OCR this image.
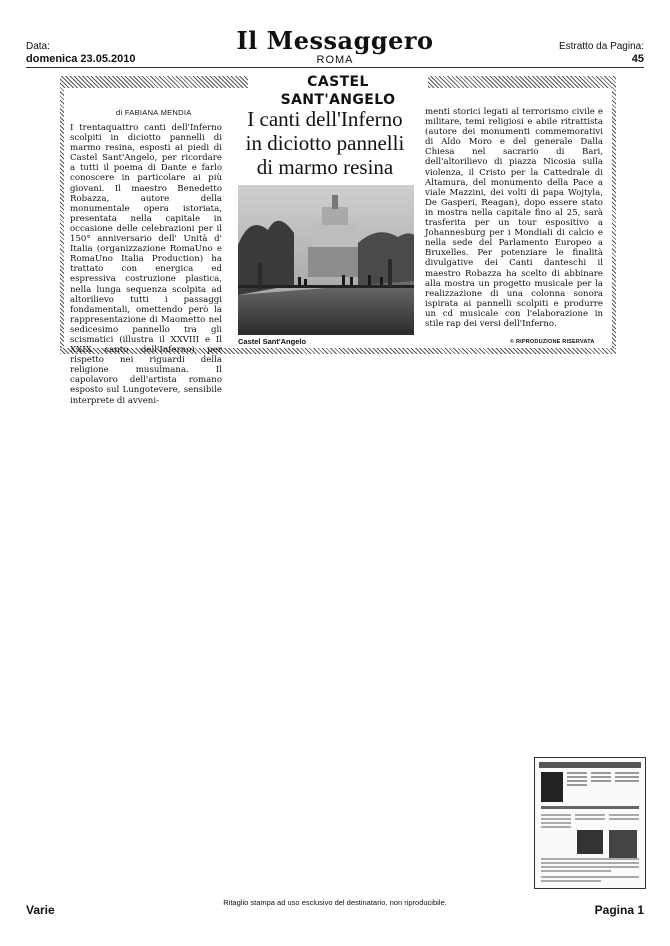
Data:
domenica 23.05.2010
Il Messaggero
ROMA
Estratto da Pagina:
45
CASTEL SANT'ANGELO
di FABIANA MENDIA
I trentaquattro canti dell'Inferno scolpiti in diciotto pannelli di marmo resina, esposti ai piedi di Castel Sant'Angelo, per ricordare a tutti il poema di Dante e farlo conoscere in particolare ai più giovani. Il maestro Benedetto Robazza, autore della monumentale opera istoriata, presentata nella capitale in occasione delle celebrazioni per il 150° anniversario dell' Unità d' Italia (organizzazione RomaUno e RomaUno Italia Production) ha trattato con energica ed espressiva costruzione plastica, nella lunga sequenza scolpita ad altorilievo tutti i passaggi fondamentali, omettendo però la rappresentazione di Maometto nel sedicesimo pannello tra gli scismatici (illustra il XXVIII e Il XXIX canto dell'Inferno) per rispetto nei riguardi della religione musulmana. Il capolavoro dell'artista romano esposto sul Lungotevere, sensibile interprete di avveni-
I canti dell'Inferno
in diciotto pannelli
di marmo resina
Castel Sant'Angelo
menti storici legati al terrorismo civile e militare, temi religiosi e abile ritrattista (autore dei monumenti commemorativi di Aldo Moro e del generale Dalla Chiesa nel sacrario di Bari, dell'altorilievo di piazza Nicosia sulla violenza, il Cristo per la Cattedrale di Altamura, del monumento della Pace a viale Mazzini, dei volti di papa Wojtyla, De Gasperi, Reagan), dopo essere stato in mostra nella capitale fino al 25, sarà trasferita per un tour espositivo a Johannesburg per i Mondiali di calcio e nella sede del Parlamento Europeo a Bruxelles. Per potenziare le finalità divulgative dei Canti danteschi il maestro Robazza ha scelto di abbinare alla mostra un progetto musicale per la realizzazione di una colonna sonora ispirata ai pannelli scolpiti e produrre un cd musicale con l'elaborazione in stile rap dei versi dell'Inferno.
© RIPRODUZIONE RISERVATA
Varie
Ritaglio stampa ad uso esclusivo del destinatario, non riproducibile.
Pagina 1
